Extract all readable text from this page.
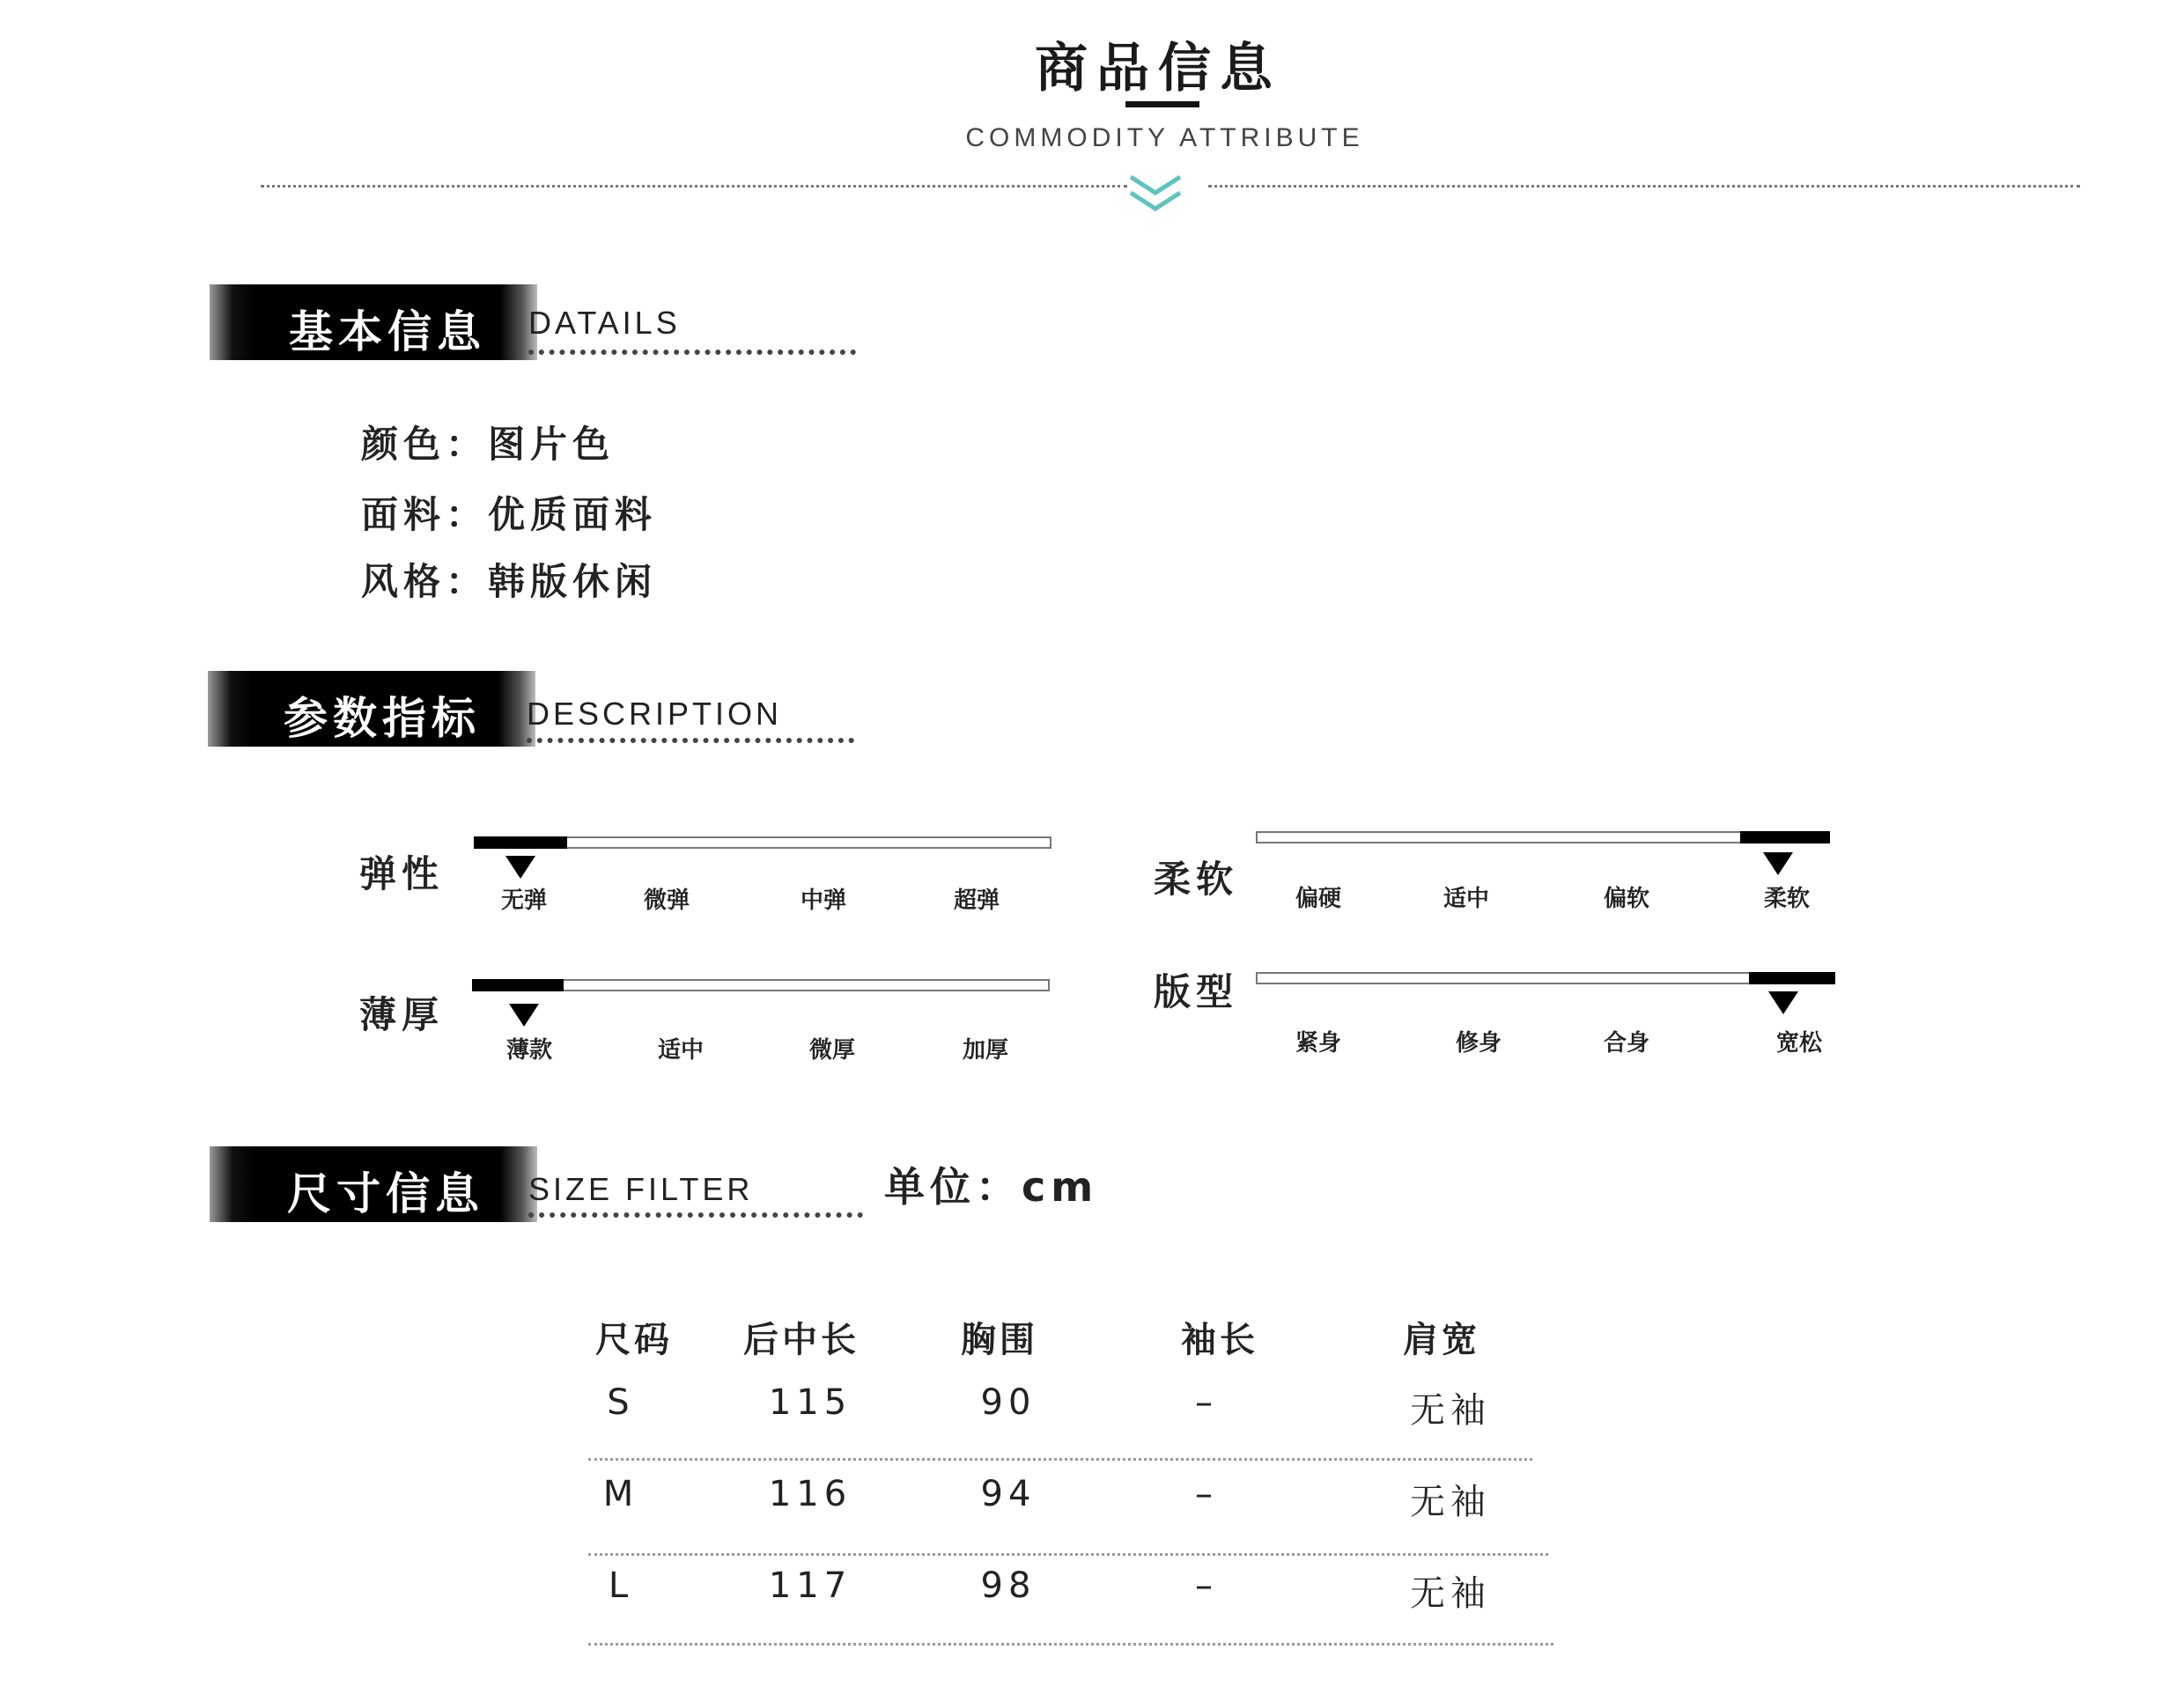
商品信息
COMMODITY ATTRIBUTE
基本信息 DATAILS
颜色：图片色
面料：优质面料
风格：韩版休闲
参数指标 DESCRIPTION
弹性
无弹	微弹	中弹	超弹	柔软	偏硬	适中	偏软	柔软
薄厚
薄款	适中	微厚	加厚
版型
紧身	修身	合身	宽松
尺寸信息 SIZE FILTER	单位：cm
尺码	后中长	胸围	袖长	肩宽
S	115	90	–	无袖
M	116	94	–	无袖
L	117	98	–	无袖
